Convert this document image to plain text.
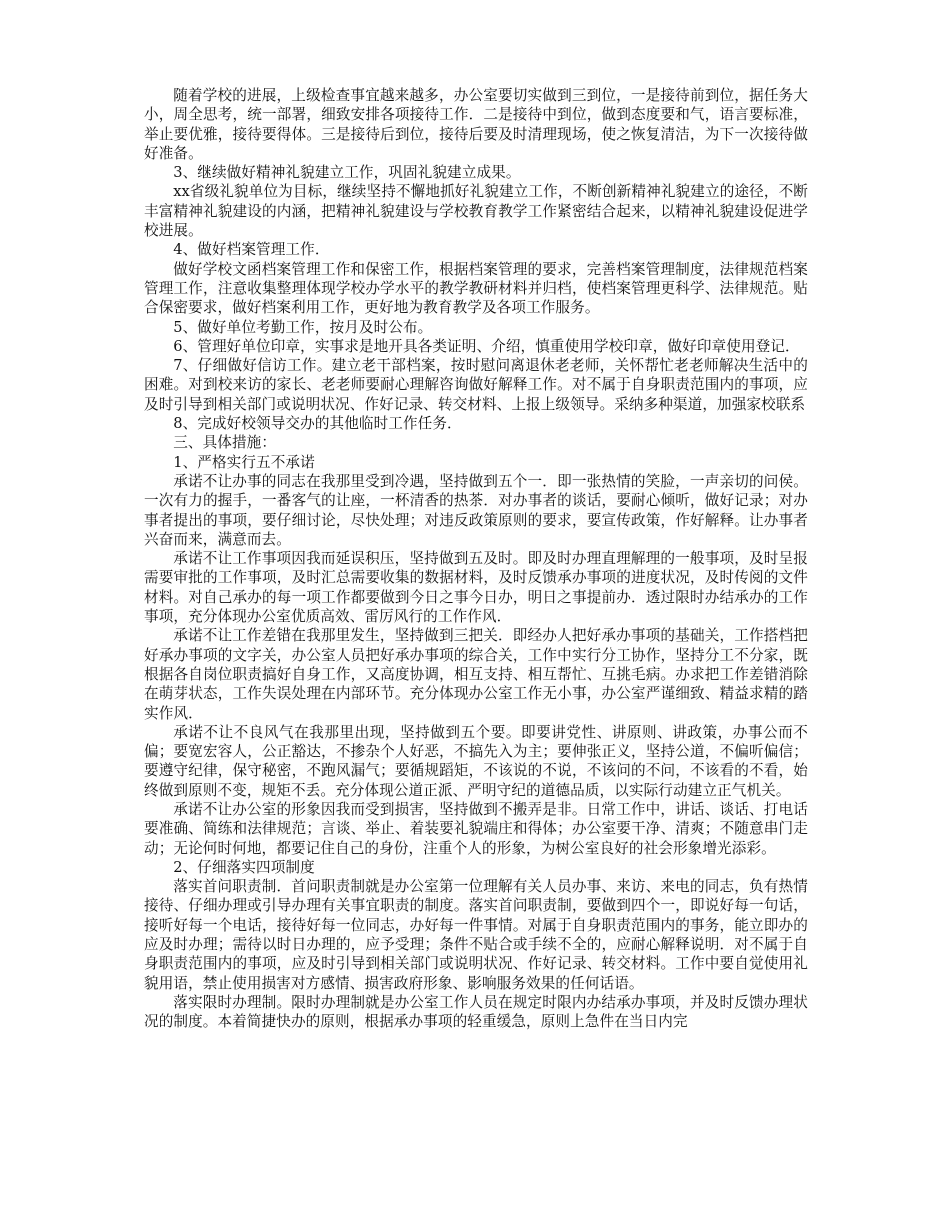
随着学校的进展，上级检查事宜越来越多，办公室要切实做到三到位，一是接待前到位，据任务大小，周全思考，统一部署，细致安排各项接待工作．二是接待中到位，做到态度要和气，语言要标准，举止要优雅，接待要得体。三是接待后到位，接待后要及时清理现场，使之恢复清洁，为下一次接待做好准备。

3、继续做好精神礼貌建立工作，巩固礼貌建立成果。

xx省级礼貌单位为目标，继续坚持不懈地抓好礼貌建立工作，不断创新精神礼貌建立的途径，不断丰富精神礼貌建设的内涵，把精神礼貌建设与学校教育教学工作紧密结合起来，以精神礼貌建设促进学校进展。

4、做好档案管理工作．

做好学校文函档案管理工作和保密工作，根据档案管理的要求，完善档案管理制度，法律规范档案管理工作，注意收集整理体现学校办学水平的教学教研材料并归档，使档案管理更科学、法律规范。贴合保密要求，做好档案利用工作，更好地为教育教学及各项工作服务。

5、做好单位考勤工作，按月及时公布。

6、管理好单位印章，实事求是地开具各类证明、介绍，慎重使用学校印章，做好印章使用登记．

7、仔细做好信访工作。建立老干部档案，按时慰问离退休老老师，关怀帮忙老老师解决生活中的困难。对到校来访的家长、老老师要耐心理解咨询做好解释工作。对不属于自身职责范围内的事项，应及时引导到相关部门或说明状况、作好记录、转交材料、上报上级领导。采纳多种渠道，加强家校联系

8、完成好校领导交办的其他临时工作任务．

三、具体措施：

1、严格实行五不承诺

承诺不让办事的同志在我那里受到冷遇，坚持做到五个一．即一张热情的笑脸，一声亲切的问侯。一次有力的握手，一番客气的让座，一杯清香的热茶．对办事者的谈话，要耐心倾听，做好记录；对办事者提出的事项，要仔细讨论，尽快处理；对违反政策原则的要求，要宣传政策，作好解释。让办事者兴奋而来，满意而去。

承诺不让工作事项因我而延误积压，坚持做到五及时。即及时办理直理解理的一般事项，及时呈报需要审批的工作事项，及时汇总需要收集的数据材料，及时反馈承办事项的进度状况，及时传阅的文件材料。对自己承办的每一项工作都要做到今日之事今日办，明日之事提前办．透过限时办结承办的工作事项，充分体现办公室优质高效、雷厉风行的工作作风．

承诺不让工作差错在我那里发生，坚持做到三把关．即经办人把好承办事项的基础关，工作搭档把好承办事项的文字关，办公室人员把好承办事项的综合关，工作中实行分工协作，坚持分工不分家，既根据各自岗位职责搞好自身工作，又高度协调，相互支持、相互帮忙、互挑毛病。办求把工作差错消除在萌芽状态，工作失误处理在内部环节。充分体现办公室工作无小事，办公室严谨细致、精益求精的踏实作风．

承诺不让不良风气在我那里出现，坚持做到五个要。即要讲党性、讲原则、讲政策，办事公而不偏；要宽宏容人，公正豁达，不掺杂个人好恶，不搞先入为主；要伸张正义，坚持公道，不偏听偏信；要遵守纪律，保守秘密，不跑风漏气；要循规蹈矩，不该说的不说，不该问的不问，不该看的不看，始终做到原则不变，规矩不丢。充分体现公道正派、严明守纪的道德品质，以实际行动建立正气机关。

承诺不让办公室的形象因我而受到损害，坚持做到不搬弄是非。日常工作中，讲话、谈话、打电话要准确、简练和法律规范；言谈、举止、着装要礼貌端庄和得体；办公室要干净、清爽；不随意串门走动；无论何时何地，都要记住自己的身份，注重个人的形象，为树公室良好的社会形象增光添彩。

2、仔细落实四项制度

落实首问职责制．首问职责制就是办公室第一位理解有关人员办事、来访、来电的同志，负有热情接待、仔细办理或引导办理有关事宜职责的制度。落实首问职责制，要做到四个一，即说好每一句话，接听好每一个电话，接待好每一位同志，办好每一件事情。对属于自身职责范围内的事务，能立即办的应及时办理；需待以时日办理的，应予受理；条件不贴合或手续不全的，应耐心解释说明．对不属于自身职责范围内的事项，应及时引导到相关部门或说明状况、作好记录、转交材料。工作中要自觉使用礼貌用语，禁止使用损害对方感情、损害政府形象、影响服务效果的任何话语。

落实限时办理制。限时办理制就是办公室工作人员在规定时限内办结承办事项，并及时反馈办理状况的制度。本着简捷快办的原则，根据承办事项的轻重缓急，原则上急件在当日内完
